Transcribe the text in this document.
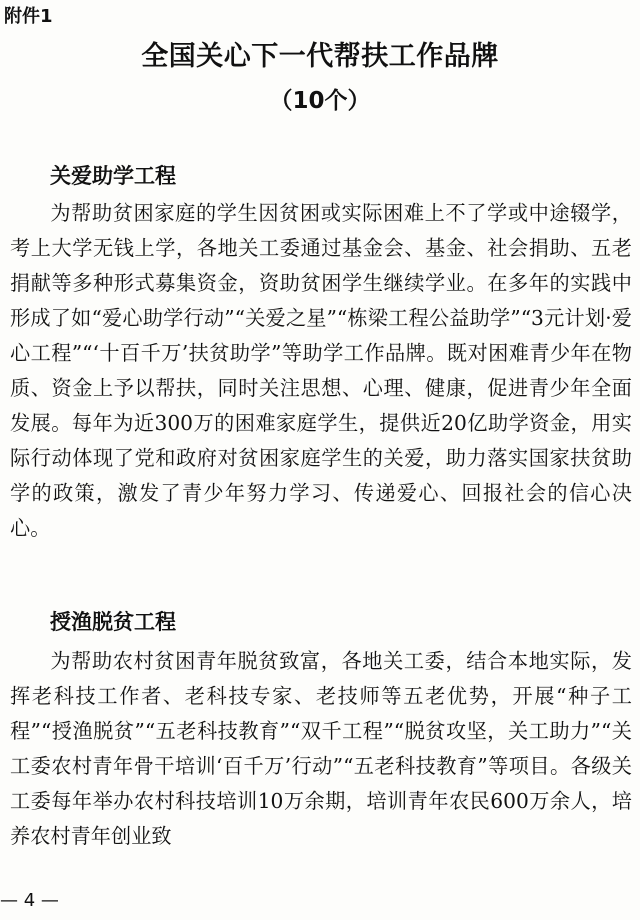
附件1
全国关心下一代帮扶工作品牌
（10个）
关爱助学工程

为帮助贫困家庭的学生因贫困或实际困难上不了学或中途辍学，考上大学无钱上学，各地关工委通过基金会、基金、社会捐助、五老捐献等多种形式募集资金，资助贫困学生继续学业。在多年的实践中形成了如“爱心助学行动”“关爱之星”“栋梁工程公益助学”“3元计划·爱心工程”“‘十百千万’扶贫助学”等助学工作品牌。既对困难青少年在物质、资金上予以帮扶，同时关注思想、心理、健康，促进青少年全面发展。每年为近300万的困难家庭学生，提供近20亿助学资金，用实际行动体现了党和政府对贫困家庭学生的关爱，助力落实国家扶贫助学的政策，激发了青少年努力学习、传递爱心、回报社会的信心决心。

授渔脱贫工程

为帮助农村贫困青年脱贫致富，各地关工委，结合本地实际，发挥老科技工作者、老科技专家、老技师等五老优势，开展“种子工程”“授渔脱贫”“五老科技教育”“双千工程”“脱贫攻坚，关工助力”“关工委农村青年骨干培训‘百千万’行动”“五老科技教育”等项目。各级关工委每年举办农村科技培训10万余期，培训青年农民600万余人，培养农村青年创业致

— 4 —
